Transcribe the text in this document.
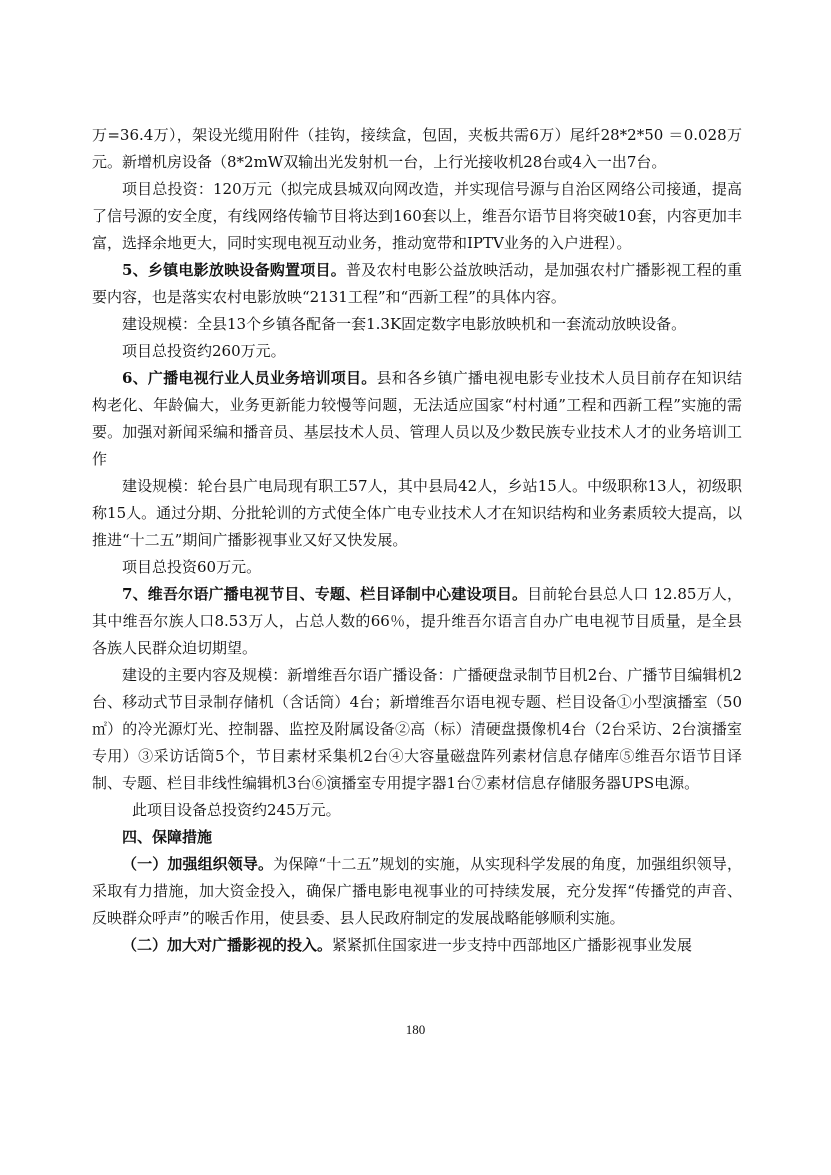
万=36.4万），架设光缆用附件（挂钩，接续盒，包固，夹板共需6万）尾纤28*2*50 ＝0.028万元。新增机房设备（8*2mW双输出光发射机一台，上行光接收机28台或4入一出7台。

项目总投资：120万元（拟完成县城双向网改造，并实现信号源与自治区网络公司接通，提高了信号源的安全度，有线网络传输节目将达到160套以上，维吾尔语节目将突破10套，内容更加丰富，选择余地更大，同时实现电视互动业务，推动宽带和IPTV业务的入户进程）。

5、乡镇电影放映设备购置项目。普及农村电影公益放映活动，是加强农村广播影视工程的重要内容，也是落实农村电影放映“2131工程”和“西新工程”的具体内容。

建设规模：全县13个乡镇各配备一套1.3K固定数字电影放映机和一套流动放映设备。

项目总投资约260万元。

6、广播电视行业人员业务培训项目。县和各乡镇广播电视电影专业技术人员目前存在知识结构老化、年龄偏大，业务更新能力较慢等问题，无法适应国家“村村通”工程和西新工程”实施的需要。加强对新闻采编和播音员、基层技术人员、管理人员以及少数民族专业技术人才的业务培训工作

建设规模：轮台县广电局现有职工57人，其中县局42人，乡站15人。中级职称13人，初级职称15人。通过分期、分批轮训的方式使全体广电专业技术人才在知识结构和业务素质较大提高，以推进“十二五”期间广播影视事业又好又快发展。

项目总投资60万元。

7、维吾尔语广播电视节目、专题、栏目译制中心建设项目。目前轮台县总人口 12.85万人，其中维吾尔族人口8.53万人，占总人数的66％，提升维吾尔语言自办广电电视节目质量，是全县各族人民群众迫切期望。

建设的主要内容及规模：新增维吾尔语广播设备：广播硬盘录制节目机2台、广播节目编辑机2台、移动式节目录制存储机（含话筒）4台；新增维吾尔语电视专题、栏目设备①小型演播室（50 ㎡）的冷光源灯光、控制器、监控及附属设备②高（标）清硬盘摄像机4台（2台采访、2台演播室专用）③采访话筒5个，节目素材采集机2台④大容量磁盘阵列素材信息存储库⑤维吾尔语节目译制、专题、栏目非线性编辑机3台⑥演播室专用提字器1台⑦素材信息存储服务器UPS电源。

此项目设备总投资约245万元。

四、保障措施

（一）加强组织领导。为保障“十二五”规划的实施，从实现科学发展的角度，加强组织领导，采取有力措施，加大资金投入，确保广播电影电视事业的可持续发展，充分发挥“传播党的声音、反映群众呼声”的喉舌作用，使县委、县人民政府制定的发展战略能够顺利实施。

（二）加大对广播影视的投入。紧紧抓住国家进一步支持中西部地区广播影视事业发展

180
